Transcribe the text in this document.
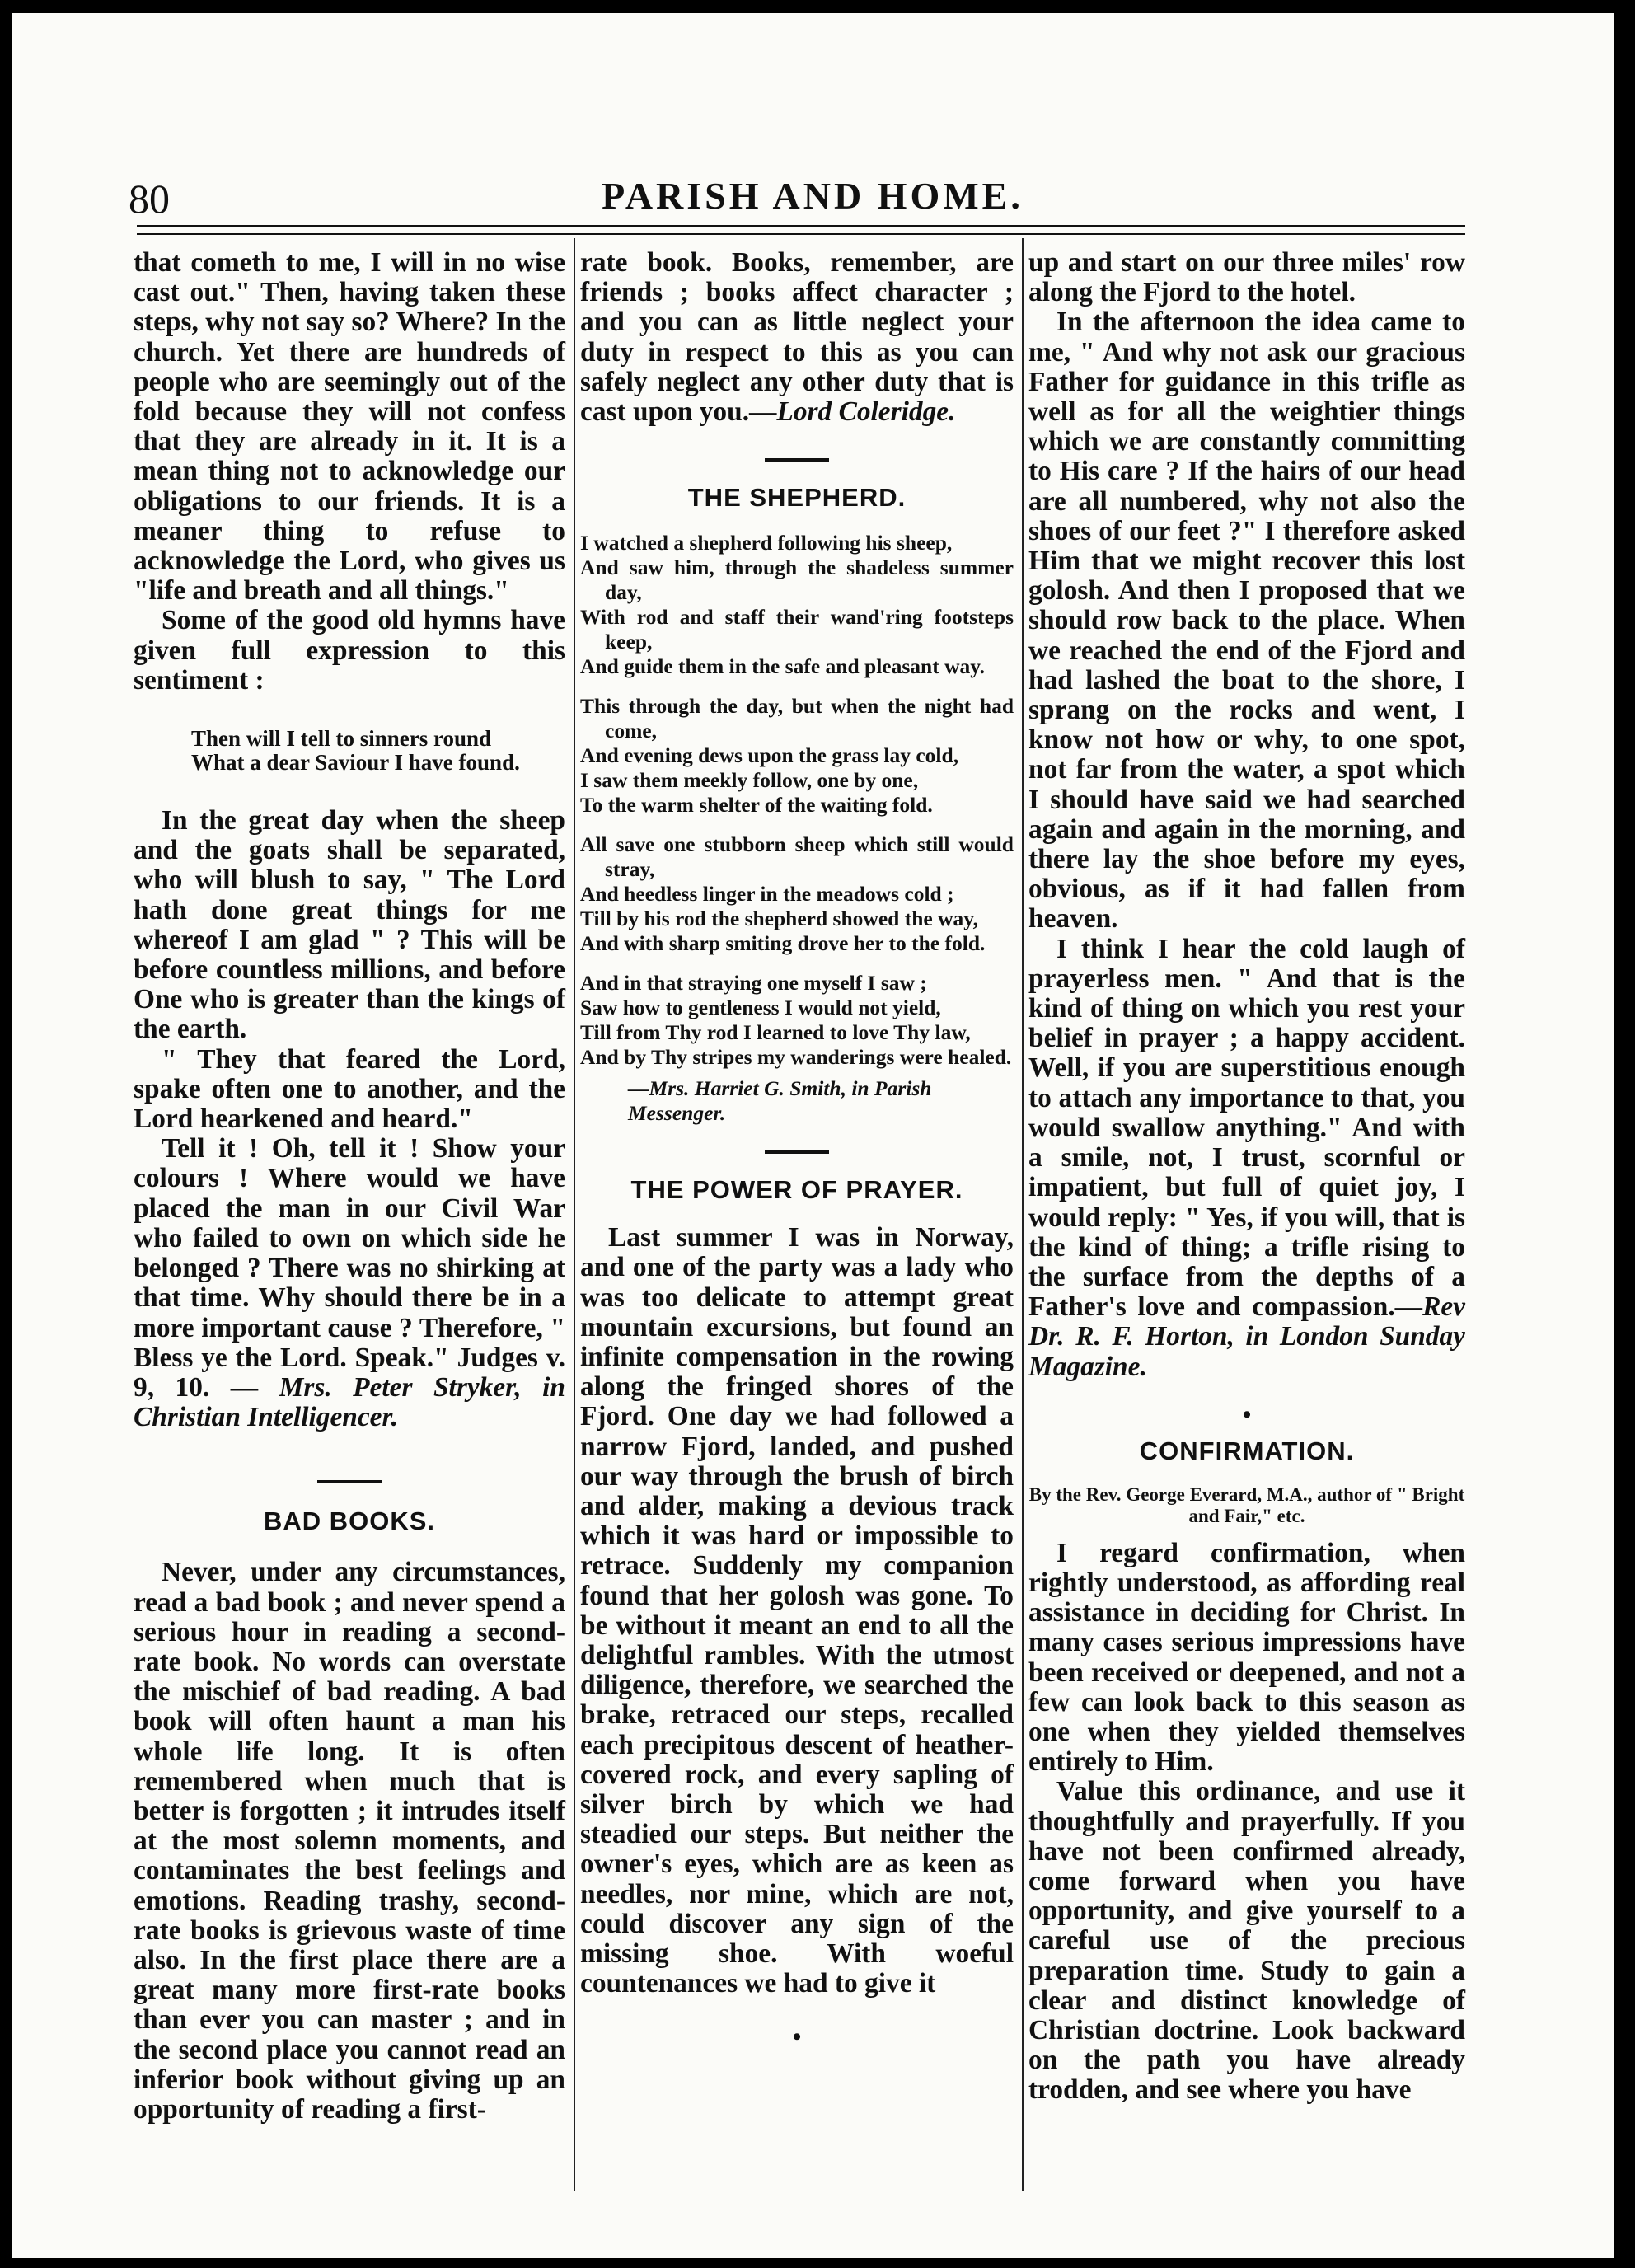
80	PARISH AND HOME.

that cometh to me, I will in no wise cast out." Then, having taken these steps, why not say so? Where? In the church. Yet there are hundreds of people who are seemingly out of the fold because they will not confess that they are already in it. It is a mean thing not to acknowledge our obligations to our friends. It is a meaner thing to refuse to acknowledge the Lord, who gives us "life and breath and all things."

Some of the good old hymns have given full expression to this sentiment :

Then will I tell to sinners round
What a dear Saviour I have found.

In the great day when the sheep and the goats shall be separated, who will blush to say, " The Lord hath done great things for me whereof I am glad " ? This will be before countless millions, and before One who is greater than the kings of the earth.

" They that feared the Lord, spake often one to another, and the Lord hearkened and heard."

Tell it ! Oh, tell it ! Show your colours ! Where would we have placed the man in our Civil War who failed to own on which side he belonged ? There was no shirking at that time. Why should there be in a more important cause ? Therefore, " Bless ye the Lord. Speak." Judges v. 9, 10. — Mrs. Peter Stryker, in Christian Intelligencer.

BAD BOOKS.

Never, under any circumstances, read a bad book ; and never spend a serious hour in reading a second-rate book. No words can overstate the mischief of bad reading. A bad book will often haunt a man his whole life long. It is often remembered when much that is better is forgotten ; it intrudes itself at the most solemn moments, and contaminates the best feelings and emotions. Reading trashy, second-rate books is grievous waste of time also. In the first place there are a great many more first-rate books than ever you can master ; and in the second place you cannot read an inferior book without giving up an opportunity of reading a first-

rate book. Books, remember, are friends ; books affect character ; and you can as little neglect your duty in respect to this as you can safely neglect any other duty that is cast upon you.—Lord Coleridge.

THE SHEPHERD.
I watched a shepherd following his sheep,
And saw him, through the shadeless summer day,
With rod and staff their wand'ring footsteps keep,
And guide them in the safe and pleasant way.
This through the day, but when the night had come,
And evening dews upon the grass lay cold,
I saw them meekly follow, one by one,
To the warm shelter of the waiting fold.
All save one stubborn sheep which still would stray,
And heedless linger in the meadows cold ;
Till by his rod the shepherd showed the way,
And with sharp smiting drove her to the fold.
And in that straying one myself I saw ;
Saw how to gentleness I would not yield,
Till from Thy rod I learned to love Thy law,
And by Thy stripes my wanderings were healed.
—Mrs. Harriet G. Smith, in Parish Messenger.
THE POWER OF PRAYER.

Last summer I was in Norway, and one of the party was a lady who was too delicate to attempt great mountain excursions, but found an infinite compensation in the rowing along the fringed shores of the Fjord. One day we had followed a narrow Fjord, landed, and pushed our way through the brush of birch and alder, making a devious track which it was hard or impossible to retrace. Suddenly my companion found that her golosh was gone. To be without it meant an end to all the delightful rambles. With the utmost diligence, therefore, we searched the brake, retraced our steps, recalled each precipitous descent of heather-covered rock, and every sapling of silver birch by which we had steadied our steps. But neither the owner's eyes, which are as keen as needles, nor mine, which are not, could discover any sign of the missing shoe. With woeful countenances we had to give it

•

up and start on our three miles' row along the Fjord to the hotel.

In the afternoon the idea came to me, " And why not ask our gracious Father for guidance in this trifle as well as for all the weightier things which we are constantly committing to His care ? If the hairs of our head are all numbered, why not also the shoes of our feet ?" I therefore asked Him that we might recover this lost golosh. And then I proposed that we should row back to the place. When we reached the end of the Fjord and had lashed the boat to the shore, I sprang on the rocks and went, I know not how or why, to one spot, not far from the water, a spot which I should have said we had searched again and again in the morning, and there lay the shoe before my eyes, obvious, as if it had fallen from heaven.

I think I hear the cold laugh of prayerless men. " And that is the kind of thing on which you rest your belief in prayer ; a happy accident. Well, if you are superstitious enough to attach any importance to that, you would swallow anything." And with a smile, not, I trust, scornful or impatient, but full of quiet joy, I would reply: " Yes, if you will, that is the kind of thing; a trifle rising to the surface from the depths of a Father's love and compassion.—Rev Dr. R. F. Horton, in London Sunday Magazine.

•
CONFIRMATION.
By the Rev. George Everard, M.A., author of " Bright and Fair," etc.

I regard confirmation, when rightly understood, as affording real assistance in deciding for Christ. In many cases serious impressions have been received or deepened, and not a few can look back to this season as one when they yielded themselves entirely to Him.

Value this ordinance, and use it thoughtfully and prayerfully. If you have not been confirmed already, come forward when you have opportunity, and give yourself to a careful use of the precious preparation time. Study to gain a clear and distinct knowledge of Christian doctrine. Look backward on the path you have already trodden, and see where you have
